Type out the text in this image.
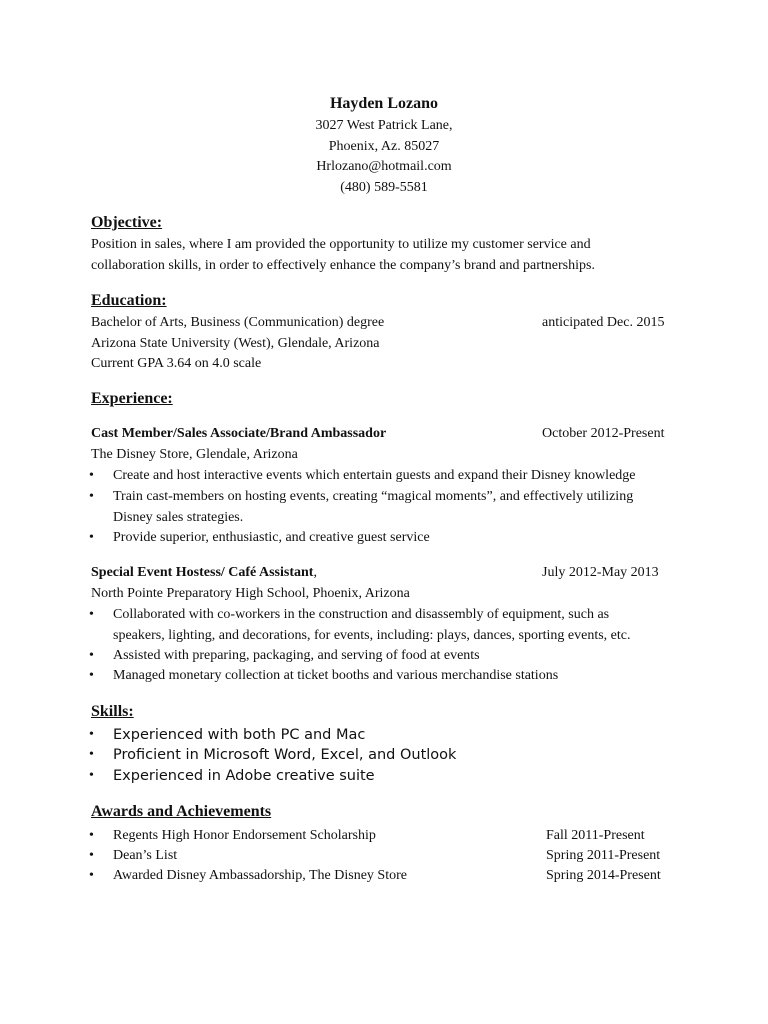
Hayden Lozano
3027 West Patrick Lane,
Phoenix, Az. 85027
Hrlozano@hotmail.com
(480) 589-5581
Objective:
Position in sales, where I am provided the opportunity to utilize my customer service and
collaboration skills, in order to effectively enhance the company’s brand and partnerships.
Education:
Bachelor of Arts, Business (Communication) degree	anticipated Dec. 2015
Arizona State University (West), Glendale, Arizona
Current GPA 3.64 on 4.0 scale
Experience:
Cast Member/Sales Associate/Brand Ambassador	October 2012-Present
The Disney Store, Glendale, Arizona
•	Create and host interactive events which entertain guests and expand their Disney knowledge
•	Train cast-members on hosting events, creating “magical moments”, and effectively utilizing
Disney sales strategies.
•	Provide superior, enthusiastic, and creative guest service
Special Event Hostess/ Café Assistant,	July 2012-May 2013
North Pointe Preparatory High School, Phoenix, Arizona
•	Collaborated with co-workers in the construction and disassembly of equipment, such as
speakers, lighting, and decorations, for events, including: plays, dances, sporting events, etc.
•	Assisted with preparing, packaging, and serving of food at events
•	Managed monetary collection at ticket booths and various merchandise stations
Skills:
•	Experienced with both PC and Mac
•	Proficient in Microsoft Word, Excel, and Outlook
•	Experienced in Adobe creative suite
Awards and Achievements
•	Regents High Honor Endorsement Scholarship	Fall 2011-Present
•	Dean’s List	Spring 2011-Present
•	Awarded Disney Ambassadorship, The Disney Store	Spring 2014-Present
